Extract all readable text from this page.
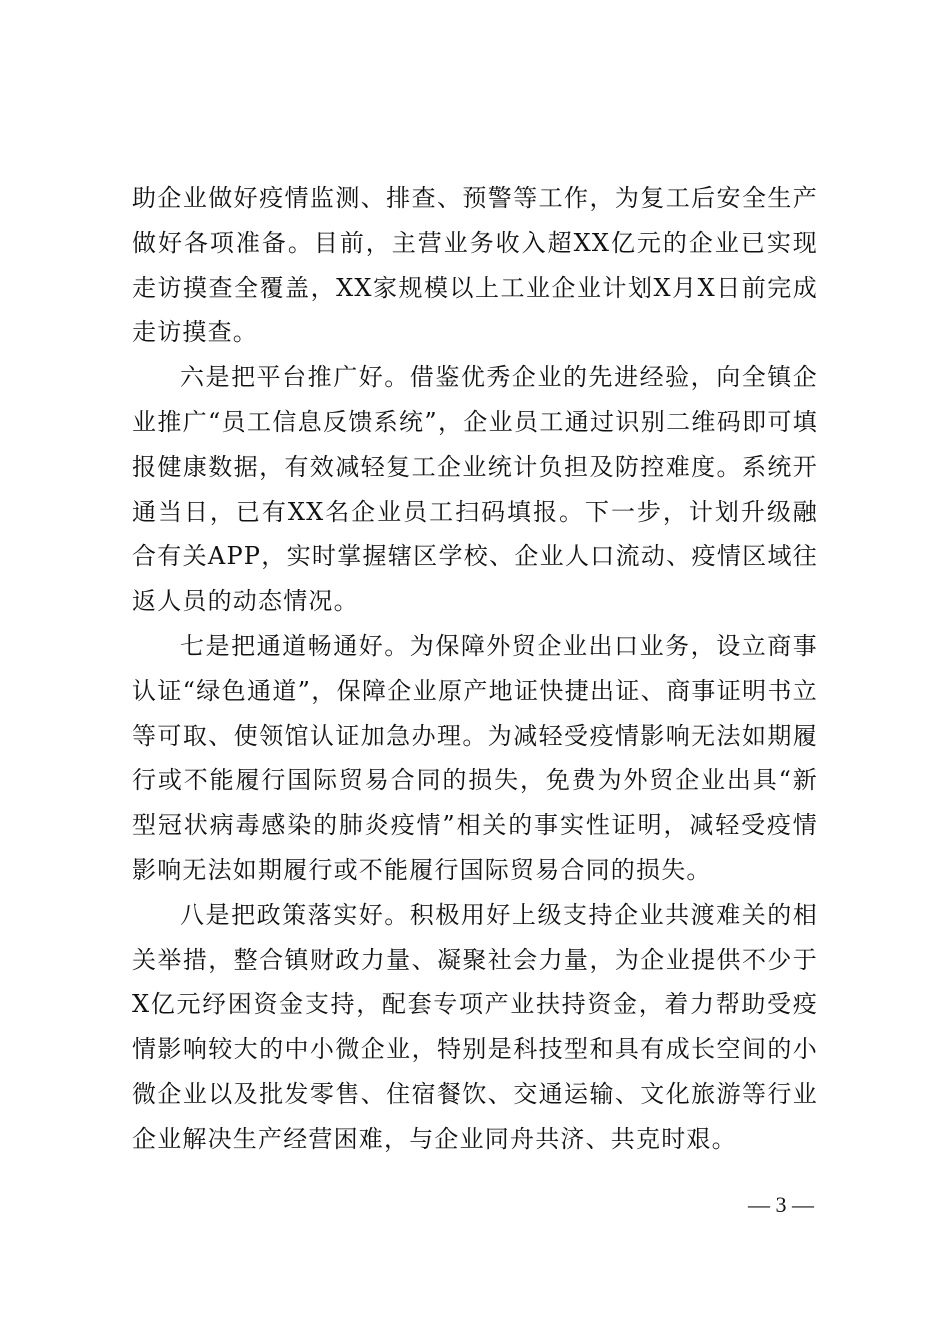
助企业做好疫情监测、排查、预警等工作，为复工后安全生产做好各项准备。目前，主营业务收入超XX亿元的企业已实现走访摸查全覆盖，XX家规模以上工业企业计划X月X日前完成走访摸查。

六是把平台推广好。借鉴优秀企业的先进经验，向全镇企业推广“员工信息反馈系统”，企业员工通过识别二维码即可填报健康数据，有效减轻复工企业统计负担及防控难度。系统开通当日，已有XX名企业员工扫码填报。下一步，计划升级融合有关APP，实时掌握辖区学校、企业人口流动、疫情区域往返人员的动态情况。

七是把通道畅通好。为保障外贸企业出口业务，设立商事认证“绿色通道”，保障企业原产地证快捷出证、商事证明书立等可取、使领馆认证加急办理。为减轻受疫情影响无法如期履行或不能履行国际贸易合同的损失，免费为外贸企业出具“新型冠状病毒感染的肺炎疫情”相关的事实性证明，减轻受疫情影响无法如期履行或不能履行国际贸易合同的损失。

八是把政策落实好。积极用好上级支持企业共渡难关的相关举措，整合镇财政力量、凝聚社会力量，为企业提供不少于X亿元纾困资金支持，配套专项产业扶持资金，着力帮助受疫情影响较大的中小微企业，特别是科技型和具有成长空间的小微企业以及批发零售、住宿餐饮、交通运输、文化旅游等行业企业解决生产经营困难，与企业同舟共济、共克时艰。

— 3 —
